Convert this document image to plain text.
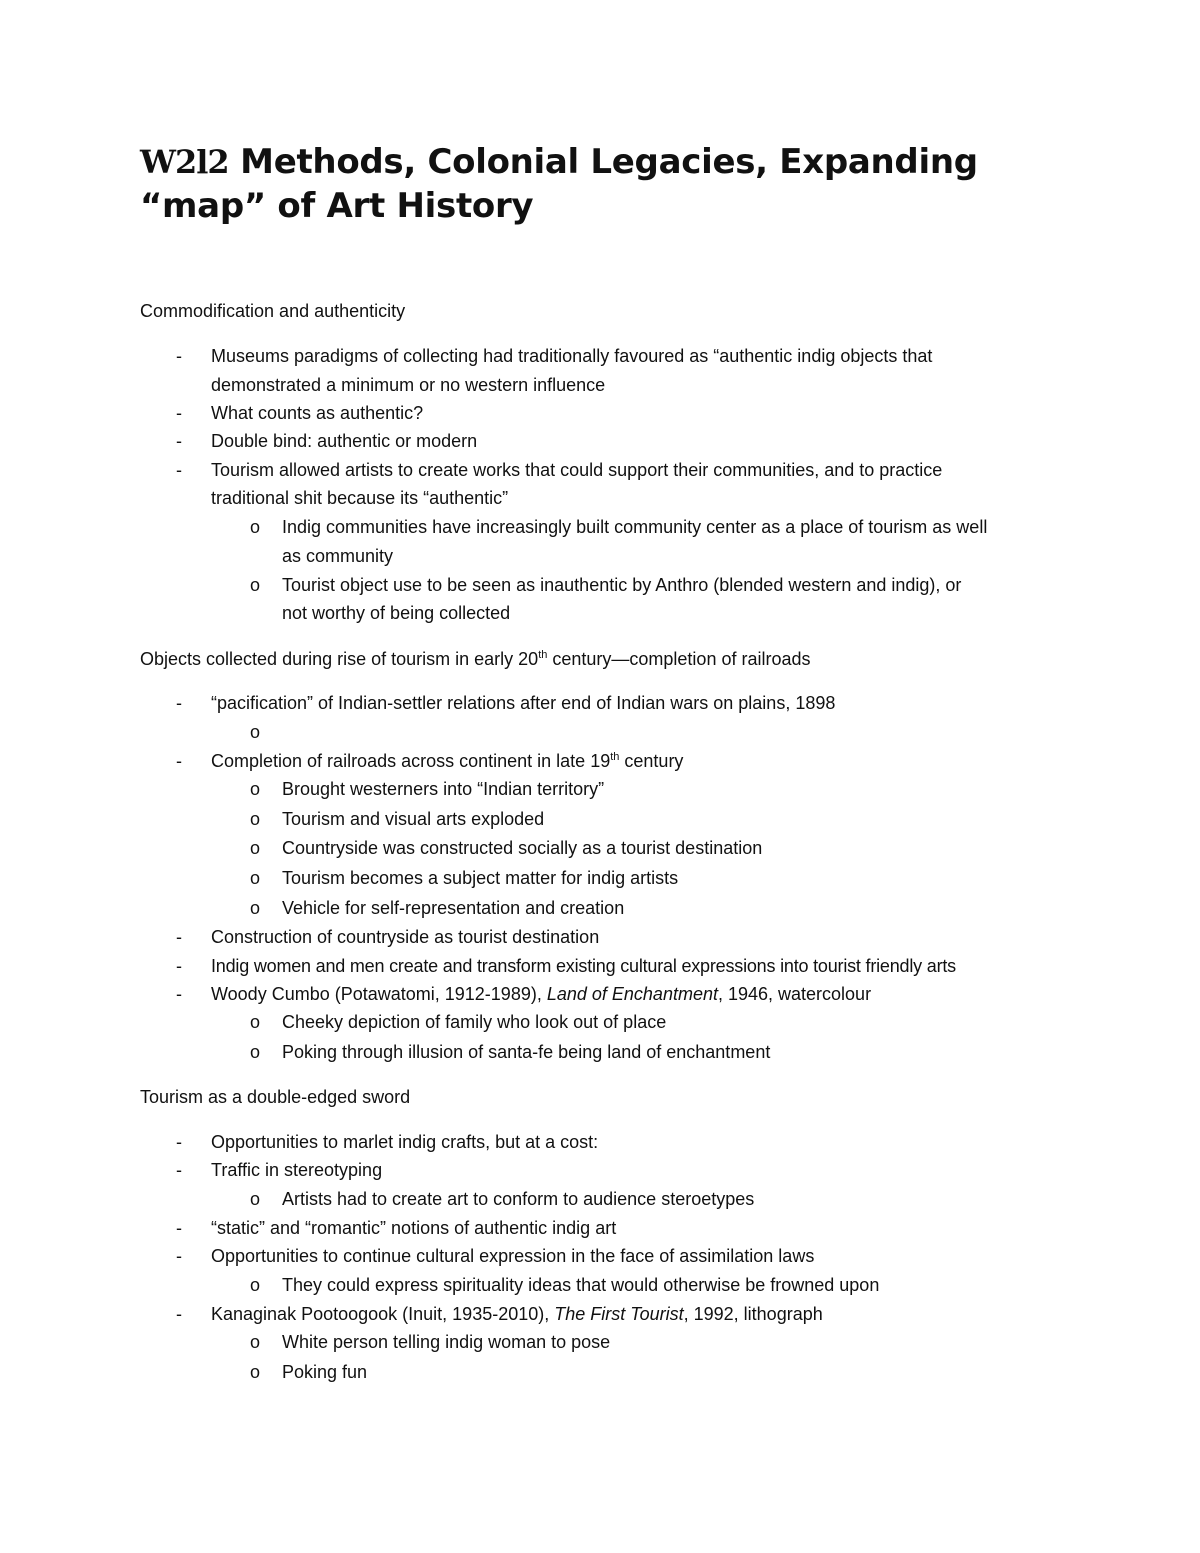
W2l2 Methods, Colonial Legacies, Expanding
“map” of Art History
Commodification and authenticity
- Museums paradigms of collecting had traditionally favoured as “authentic indig objects that
demonstrated a minimum or no western influence
- What counts as authentic?
- Double bind: authentic or modern
- Tourism allowed artists to create works that could support their communities, and to practice
traditional shit because its “authentic”
o Indig communities have increasingly built community center as a place of tourism as well
as community
o Tourist object use to be seen as inauthentic by Anthro (blended western and indig), or
not worthy of being collected
Objects collected during rise of tourism in early 20th century—completion of railroads
- “pacification” of Indian-settler relations after end of Indian wars on plains, 1898
o
- Completion of railroads across continent in late 19th century
o Brought westerners into “Indian territory”
o Tourism and visual arts exploded
o Countryside was constructed socially as a tourist destination
o Tourism becomes a subject matter for indig artists
o Vehicle for self-representation and creation
- Construction of countryside as tourist destination
- Indig women and men create and transform existing cultural expressions into tourist friendly arts
- Woody Cumbo (Potawatomi, 1912-1989), Land of Enchantment, 1946, watercolour
o Cheeky depiction of family who look out of place
o Poking through illusion of santa-fe being land of enchantment
Tourism as a double-edged sword
- Opportunities to marlet indig crafts, but at a cost:
- Traffic in stereotyping
o Artists had to create art to conform to audience steroetypes
- “static” and “romantic” notions of authentic indig art
- Opportunities to continue cultural expression in the face of assimilation laws
o They could express spirituality ideas that would otherwise be frowned upon
- Kanaginak Pootoogook (Inuit, 1935-2010), The First Tourist, 1992, lithograph
o White person telling indig woman to pose
o Poking fun
